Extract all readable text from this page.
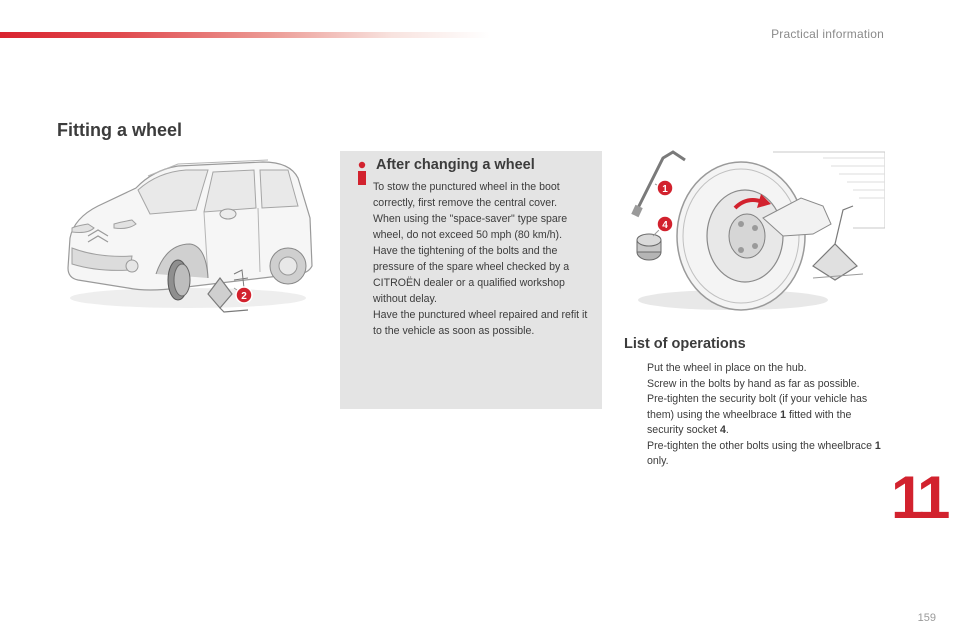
Practical information
Fitting a wheel
2
After changing a wheel

To stow the punctured wheel in the boot correctly, first remove the central cover.

When using the "space-saver" type spare wheel, do not exceed 50 mph (80 km/h).

Have the tightening of the bolts and the pressure of the spare wheel checked by a CITROËN dealer or a qualified workshop without delay.

Have the punctured wheel repaired and refit it to the vehicle as soon as possible.

1
4
List of operations
Put the wheel in place on the hub.
Screw in the bolts by hand as far as possible.
Pre-tighten the security bolt (if your vehicle has them) using the wheelbrace 1 fitted with the security socket 4.
Pre-tighten the other bolts using the wheelbrace 1 only.
11
159
